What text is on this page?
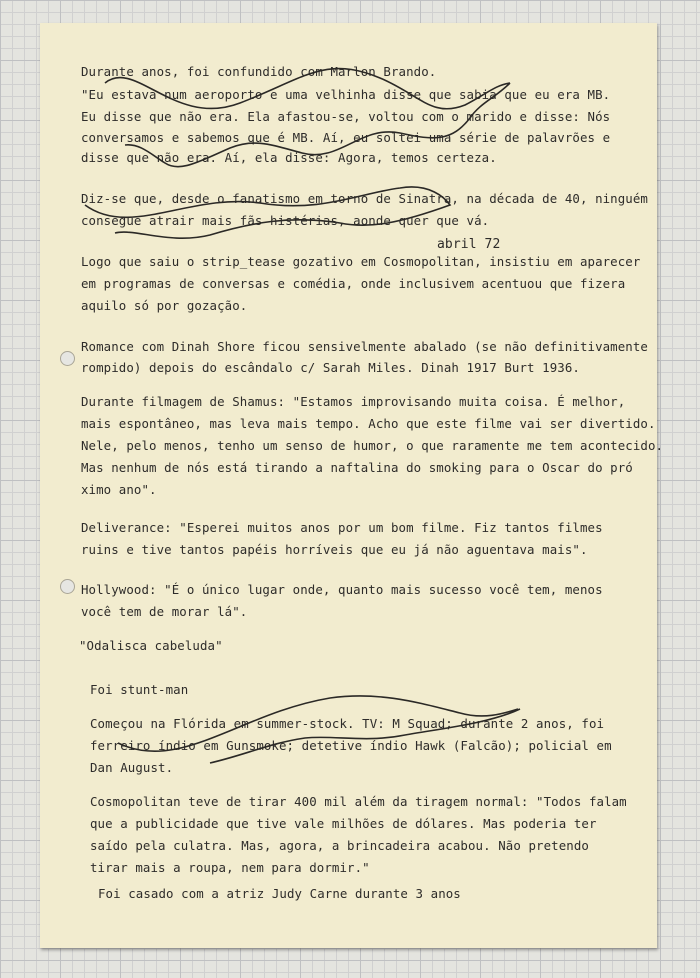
Durante anos, foi confundido com Marlon Brando.
"Eu estava num aeroporto e uma velhinha disse que sabia que eu era MB.
Eu disse que não era. Ela afastou-se, voltou com o marido e disse: Nós
conversamos e sabemos que é MB. Aí, eu soltei uma série de palavrões e
disse que não era. Aí, ela disse: Agora, temos certeza.
Diz-se que, desde o fanatismo em torno de Sinatra, na década de 40, ninguém
consegue atrair mais fãs histérias, aonde quer que vá.
abril 72
Logo que saiu o strip_tease gozativo em Cosmopolitan, insistiu em aparecer
em programas de conversas e comédia, onde inclusivem acentuou que fizera
aquilo só por gozação.
Romance com Dinah Shore ficou sensivelmente abalado (se não definitivamente
rompido) depois do escândalo c/ Sarah Miles. Dinah 1917 Burt 1936.
Durante filmagem de Shamus: "Estamos improvisando muita coisa. É melhor,
mais espontâneo, mas leva mais tempo. Acho que este filme vai ser divertido.
Nele, pelo menos, tenho um senso de humor, o que raramente me tem acontecido.
Mas nenhum de nós está tirando a naftalina do smoking para o Oscar do pró
ximo ano".
Deliverance: "Esperei muitos anos por um bom filme. Fiz tantos filmes
ruins e tive tantos papéis horríveis que eu já não aguentava mais".
Hollywood: "É o único lugar onde, quanto mais sucesso você tem, menos
você tem de morar lá".
"Odalisca cabeluda"
Foi stunt-man
Começou na Flórida em summer-stock. TV: M Squad; durante 2 anos, foi
ferreiro índio em Gunsmoke; detetive índio Hawk (Falcão); policial em
Dan August.
Cosmopolitan teve de tirar 400 mil além da tiragem normal: "Todos falam
que a publicidade que tive vale milhões de dólares. Mas poderia ter
saído pela culatra. Mas, agora, a brincadeira acabou. Não pretendo
tirar mais a roupa, nem para dormir."
Foi casado com a atriz Judy Carne durante 3 anos
